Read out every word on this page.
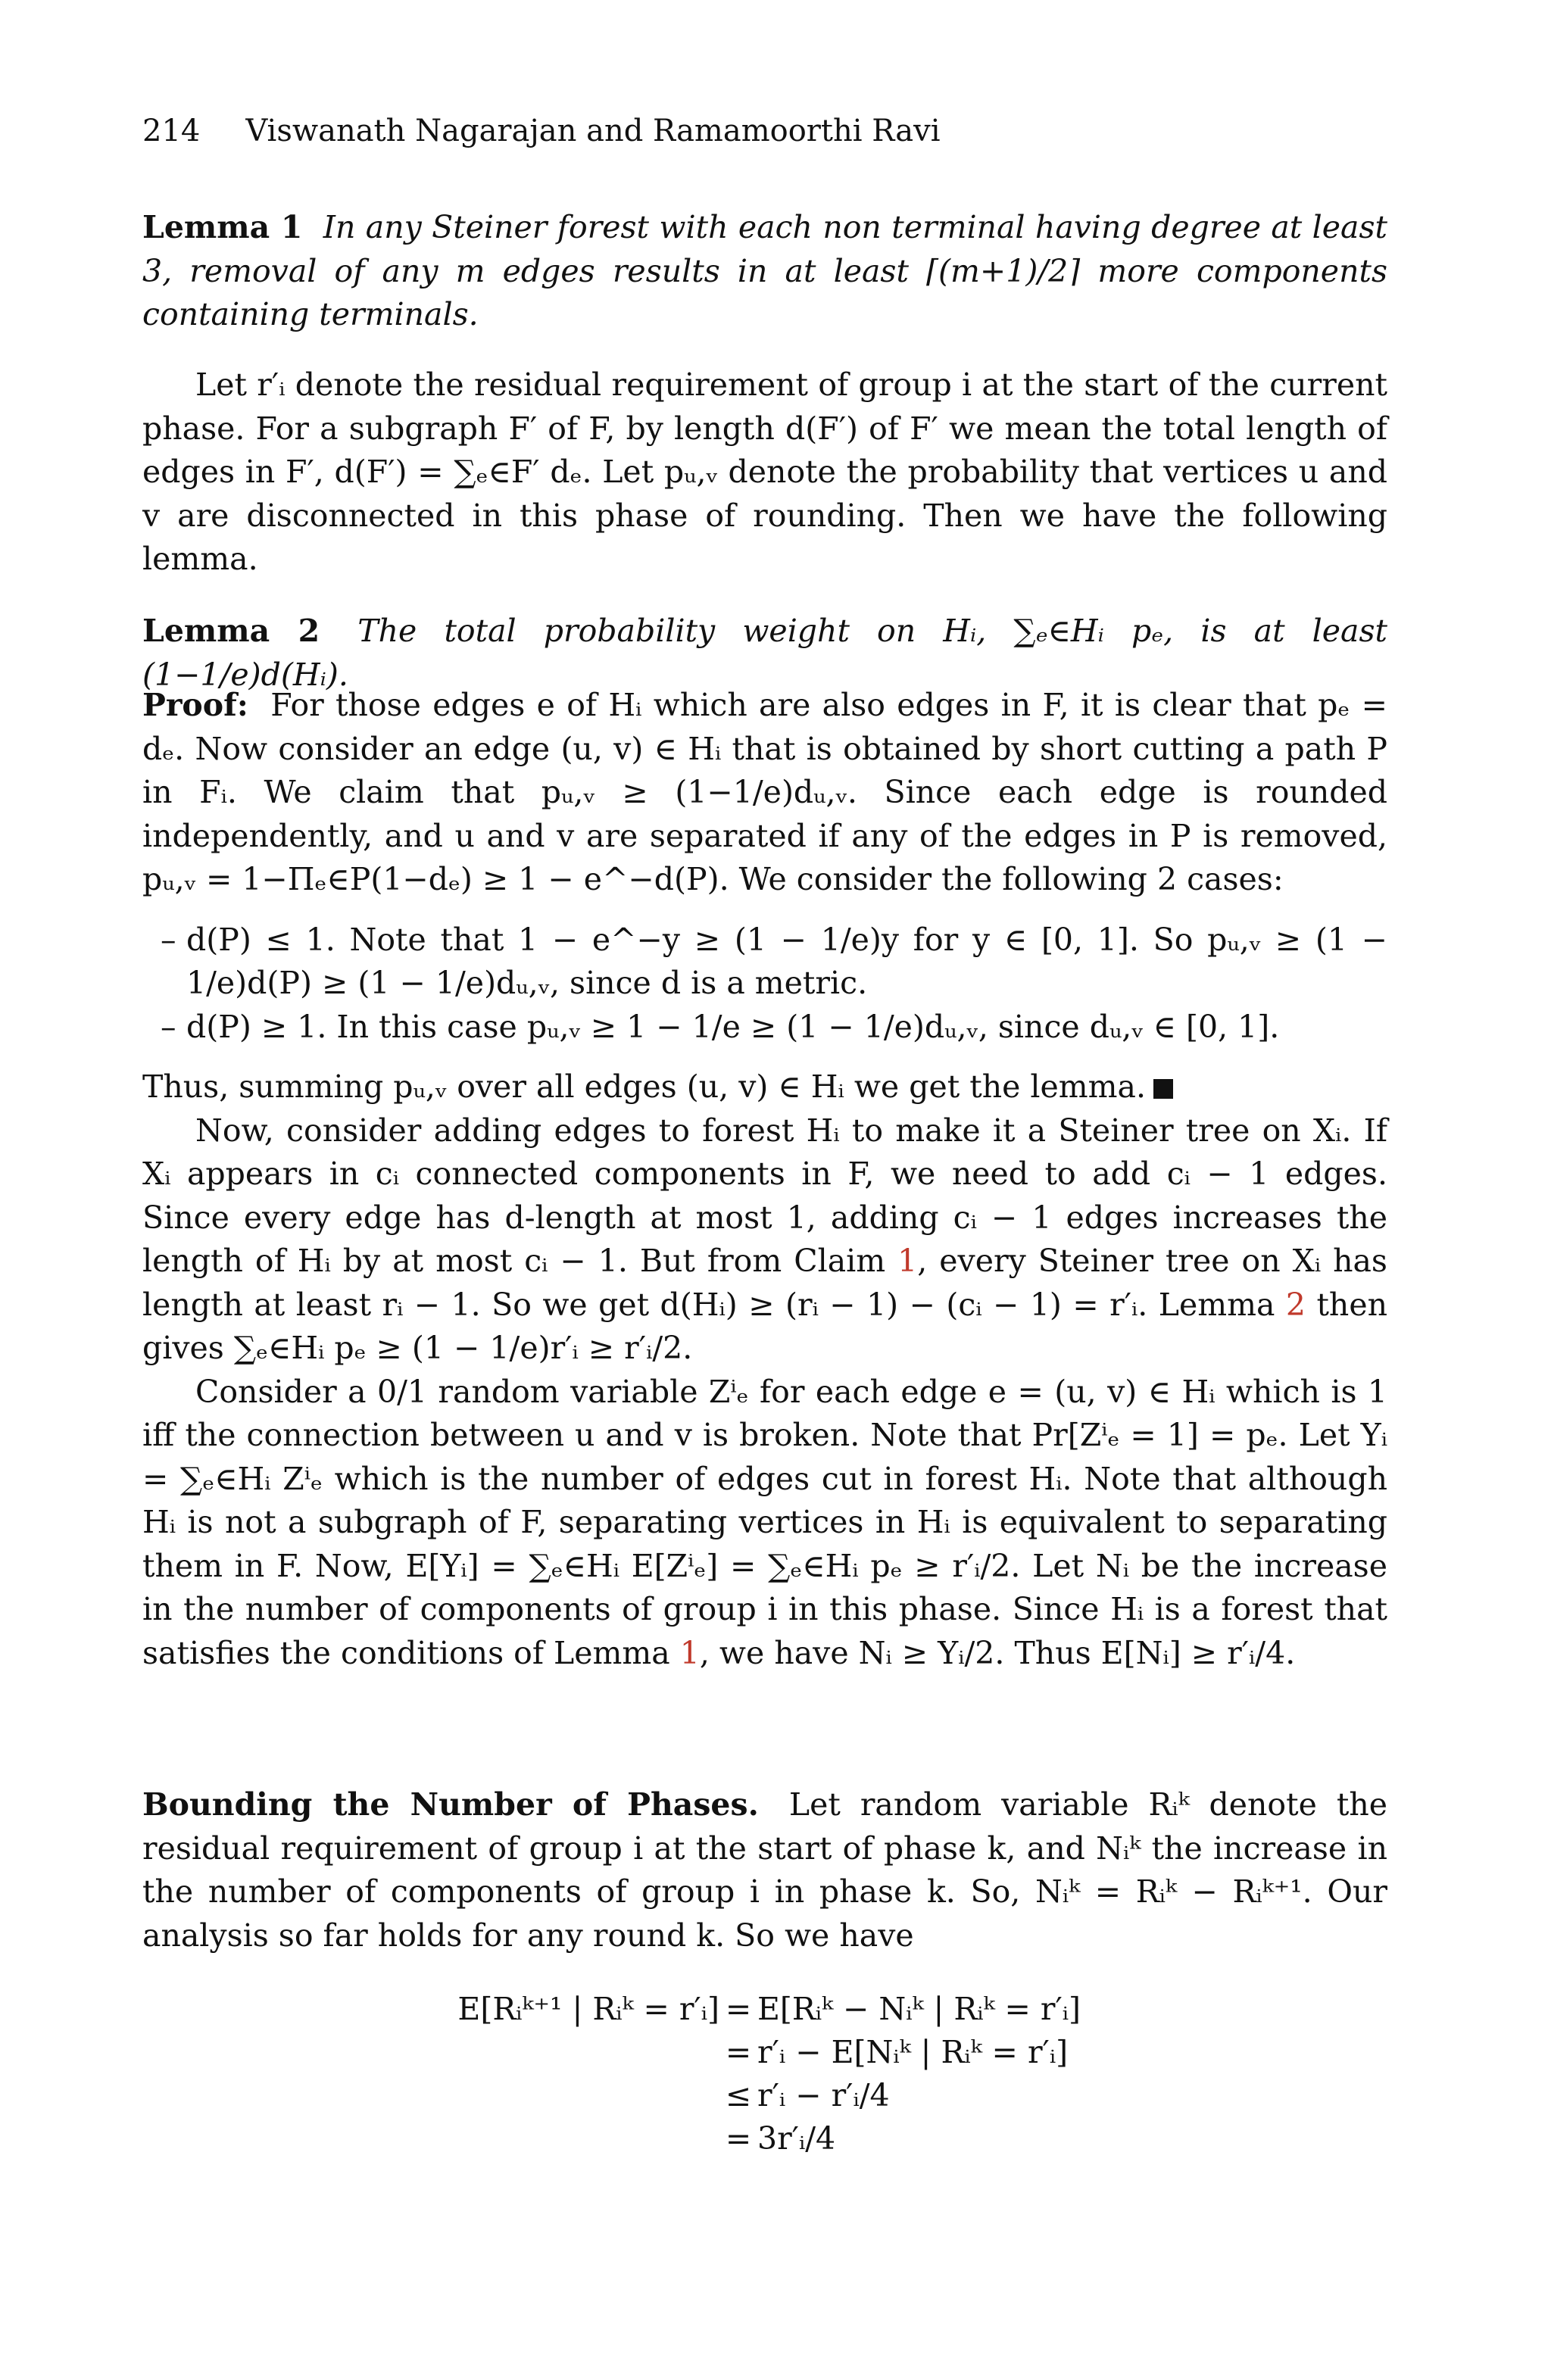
214 Viswanath Nagarajan and Ramamoorthi Ravi
Lemma 1 In any Steiner forest with each non terminal having degree at least 3, removal of any m edges results in at least ⌈(m+1)/2⌉ more components containing terminals.
Let r′ᵢ denote the residual requirement of group i at the start of the current phase. For a subgraph F′ of F, by length d(F′) of F′ we mean the total length of edges in F′, d(F′) = ∑ₑ∈F′ dₑ. Let pᵤ,ᵥ denote the probability that vertices u and v are disconnected in this phase of rounding. Then we have the following lemma.
Lemma 2 The total probability weight on Hᵢ, ∑ₑ∈Hᵢ pₑ, is at least (1−1/e)d(Hᵢ).
Proof: For those edges e of Hᵢ which are also edges in F, it is clear that pₑ = dₑ. Now consider an edge (u, v) ∈ Hᵢ that is obtained by short cutting a path P in Fᵢ. We claim that pᵤ,ᵥ ≥ (1−1/e)dᵤ,ᵥ. Since each edge is rounded independently, and u and v are separated if any of the edges in P is removed, pᵤ,ᵥ = 1−Πₑ∈P(1−dₑ) ≥ 1 − e^−d(P). We consider the following 2 cases:
– d(P) ≤ 1. Note that 1 − e^−y ≥ (1 − 1/e)y for y ∈ [0, 1]. So pᵤ,ᵥ ≥ (1 − 1/e)d(P) ≥ (1 − 1/e)dᵤ,ᵥ, since d is a metric.
– d(P) ≥ 1. In this case pᵤ,ᵥ ≥ 1 − 1/e ≥ (1 − 1/e)dᵤ,ᵥ, since dᵤ,ᵥ ∈ [0, 1].
Thus, summing pᵤ,ᵥ over all edges (u, v) ∈ Hᵢ we get the lemma.
Now, consider adding edges to forest Hᵢ to make it a Steiner tree on Xᵢ. If Xᵢ appears in cᵢ connected components in F, we need to add cᵢ − 1 edges. Since every edge has d-length at most 1, adding cᵢ − 1 edges increases the length of Hᵢ by at most cᵢ − 1. But from Claim 1, every Steiner tree on Xᵢ has length at least rᵢ − 1. So we get d(Hᵢ) ≥ (rᵢ − 1) − (cᵢ − 1) = r′ᵢ. Lemma 2 then gives ∑ₑ∈Hᵢ pₑ ≥ (1 − 1/e)r′ᵢ ≥ r′ᵢ/2.
Consider a 0/1 random variable Zⁱₑ for each edge e = (u, v) ∈ Hᵢ which is 1 iff the connection between u and v is broken. Note that Pr[Zⁱₑ = 1] = pₑ. Let Yᵢ = ∑ₑ∈Hᵢ Zⁱₑ which is the number of edges cut in forest Hᵢ. Note that although Hᵢ is not a subgraph of F, separating vertices in Hᵢ is equivalent to separating them in F. Now, E[Yᵢ] = ∑ₑ∈Hᵢ E[Zⁱₑ] = ∑ₑ∈Hᵢ pₑ ≥ r′ᵢ/2. Let Nᵢ be the increase in the number of components of group i in this phase. Since Hᵢ is a forest that satisfies the conditions of Lemma 1, we have Nᵢ ≥ Yᵢ/2. Thus E[Nᵢ] ≥ r′ᵢ/4.
Bounding the Number of Phases. Let random variable Rᵢᵏ denote the residual requirement of group i at the start of phase k, and Nᵢᵏ the increase in the number of components of group i in phase k. So, Nᵢᵏ = Rᵢᵏ − Rᵢᵏ⁺¹. Our analysis so far holds for any round k. So we have
E[Rᵢᵏ⁺¹ | Rᵢᵏ = r′ᵢ] = E[Rᵢᵏ − Nᵢᵏ | Rᵢᵏ = r′ᵢ]
= r′ᵢ − E[Nᵢᵏ | Rᵢᵏ = r′ᵢ]
≤ r′ᵢ − r′ᵢ/4
= 3r′ᵢ/4
